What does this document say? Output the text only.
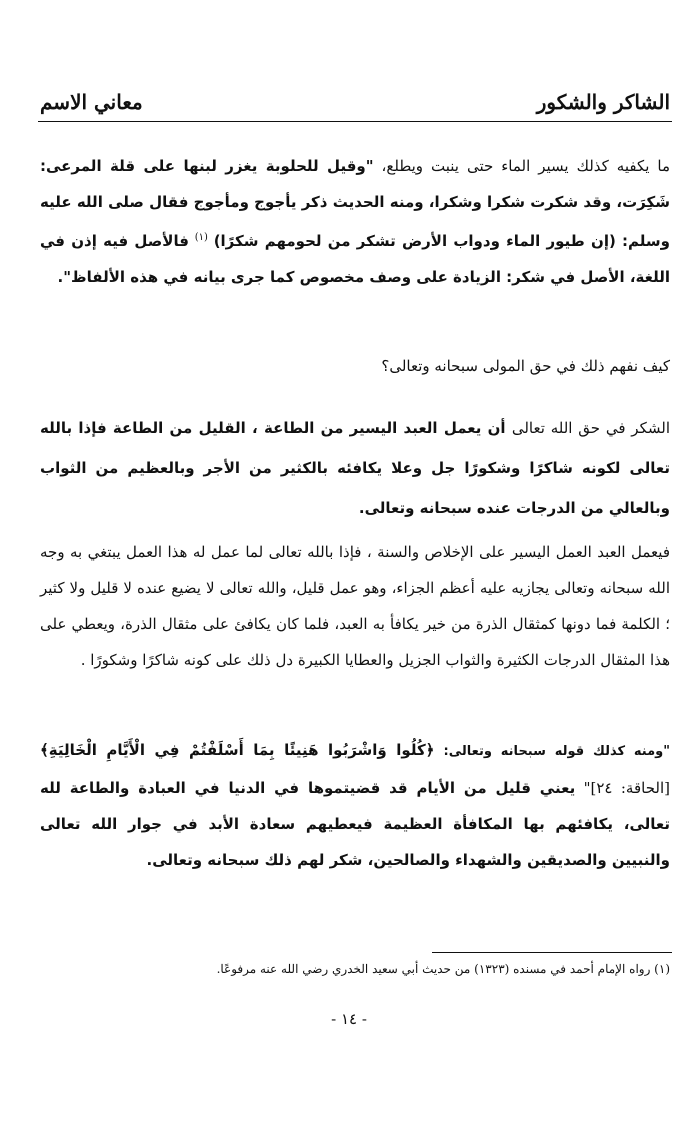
الشاكر والشكور
معاني الاسم
ما يكفيه كذلك يسير الماء حتى ينبت ويطلع، "وقيل للحلوبة يغزر لبنها على قلة المرعى: شَكِرَت، وقد شكرت شكرا وشكرا، ومنه الحديث ذكر يأجوج ومأجوج فقال صلى الله عليه وسلم: (إن طيور الماء ودواب الأرض تشكر من لحومهم شكرًا) $^{(١)}$ فالأصل فيه إذن في اللغة، الأصل في شكر: الزيادة على وصف مخصوص كما جرى بيانه في هذه الألفاظ".
كيف نفهم ذلك في حق المولى سبحانه وتعالى؟
الشكر في حق الله تعالى أن يعمل العبد اليسير من الطاعة ، القليل من الطاعة فإذا بالله تعالى لكونه شاكرًا وشكورًا جل وعلا يكافئه بالكثير من الأجر وبالعظيم من الثواب وبالعالي من الدرجات عنده سبحانه وتعالى.
فيعمل العبد العمل اليسير على الإخلاص والسنة ، فإذا بالله تعالى لما عمل له هذا العمل يبتغي به وجه الله سبحانه وتعالى يجازيه عليه أعظم الجزاء، وهو عمل قليل، والله تعالى لا يضيع عنده لا قليل ولا كثير ؛ الكلمة فما دونها كمثقال الذرة من خير يكافأ به العبد، فلما كان يكافئ على مثقال الذرة، ويعطي على هذا المثقال الدرجات الكثيرة والثواب الجزيل والعطايا الكبيرة دل ذلك على كونه شاكرًا وشكورًا .
"ومنه كذلك قوله سبحانه وتعالى: ﴿كُلُوا وَاشْرَبُوا هَنِيئًا بِمَا أَسْلَفْتُمْ فِي الْأَيَّامِ الْخَالِيَةِ﴾ [الحاقة: ٢٤]" يعني قليل من الأيام قد قضيتموها في الدنيا في العبادة والطاعة لله تعالى، يكافئهم بها المكافأة العظيمة فيعطيهم سعادة الأبد في جوار الله تعالى والنبيين والصديقين والشهداء والصالحين، شكر لهم ذلك سبحانه وتعالى.
(١) رواه الإمام أحمد في مسنده (١٣٢٣) من حديث أبي سعيد الخدري رضي الله عنه مرفوعًا.
- ١٤ -
